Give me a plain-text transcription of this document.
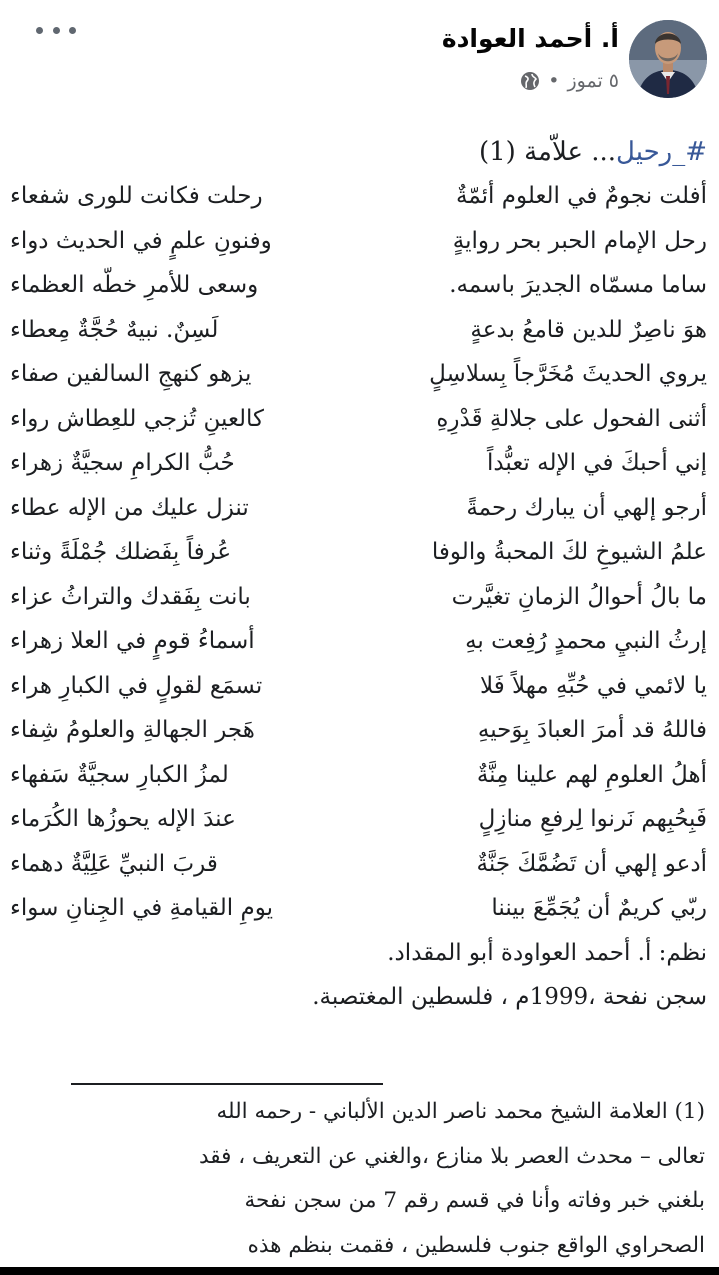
أ. أحمد العوادة
٥ تموز
•
#_رحيل... علاّمة (1)
أفلت نجومٌ في العلوم أئمّةٌ
رحلت فكانت للورى شفعاء
رحل الإمام الحبر بحر روايةٍ
وفنونِ علمٍ في الحديث دواء
ساما مسمّاه الجديرَ باسمه.
وسعى للأمرِ خطّه العظماء
هوَ ناصِرٌ للدين قامعُ بدعةٍ
لَسِنٌ. نبيهٌ حُجَّةٌ مِعطاء
يروي الحديثَ مُخَرَّجاً بِسلاسِلٍ
يزهو كنهجِ السالفين صفاء
أثنى الفحول على جلالةِ قَدْرِهِ
كالعينِ تُزجي للعِطاش رواء
إني أحبكَ في الإله تعبُّداً
حُبُّ الكرامِ سجيَّةٌ زهراء
أرجو إلهي أن يبارك رحمةً
تنزل عليك من الإله عطاء
علمُ الشيوخِ لكَ المحبةُ والوفا
عُرفاً بِفَضلك جُمْلَةً وثناء
ما بالُ أحوالُ الزمانِ تغيَّرت
بانت بِفَقدك والتراثُ عزاء
إرثُ النبيِ محمدٍ رُفِعت بهِ
أسماءُ قومٍ في العلا زهراء
يا لائمي في حُبِّهِ مهلاً فَلا
تسمَع لقولٍ في الكبارِ هراء
فاللهُ قد أمرَ العبادَ بِوَحيهِ
هَجر الجهالةِ والعلومُ شِفاء
أهلُ العلومِ لهم علينا مِنَّةٌ
لمزُ الكبارِ سجيَّةٌ سَفهاء
فَبِحُبِهم نَرنوا لِرفعِ منازِلٍ
عندَ الإله يحوزُها الكُرَماء
أدعو إلهي أن تَضُمَّكَ جَنَّةٌ
قربَ النبيِّ عَلِيَّةٌ دهماء
ربّي كريمٌ أن يُجَمِّعَ بيننا
يومِ القيامةِ في الجِنانِ سواء
نظم: أ. أحمد العواودة أبو المقداد.
سجن نفحة ،1999م ، فلسطين المغتصبة.
(1) العلامة الشيخ محمد ناصر الدين الألباني - رحمه الله
تعالى – محدث العصر بلا منازع ،والغني عن التعريف ، فقد
بلغني خبر وفاته وأنا في قسم رقم 7 من سجن نفحة
الصحراوي الواقع جنوب فلسطين ، فقمت بنظم هذه
